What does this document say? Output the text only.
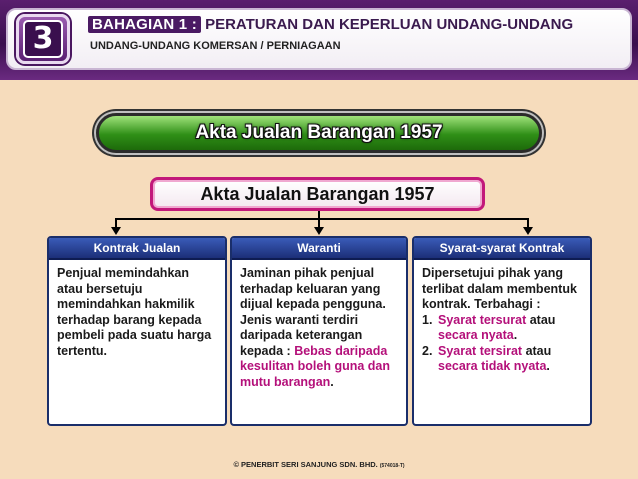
3	BAHAGIAN 1 : PERATURAN DAN KEPERLUAN UNDANG-UNDANG
UNDANG-UNDANG KOMERSAN / PERNIAGAAN
Akta Jualan Barangan 1957
Akta Jualan Barangan 1957
Kontrak Jualan
Penjual memindahkan atau bersetuju memindahkan hakmilik terhadap barang kepada pembeli pada suatu harga tertentu.
Waranti
Jaminan pihak penjual terhadap keluaran yang dijual kepada pengguna. Jenis waranti terdiri daripada keterangan kepada : Bebas daripada kesulitan boleh guna dan mutu barangan.
Syarat-syarat Kontrak
Dipersetujui pihak yang terlibat dalam membentuk kontrak. Terbahagi :
1. Syarat tersurat atau secara nyata.
2. Syarat tersirat atau secara tidak nyata.
© PENERBIT SERI SANJUNG SDN. BHD. (574018-T)
